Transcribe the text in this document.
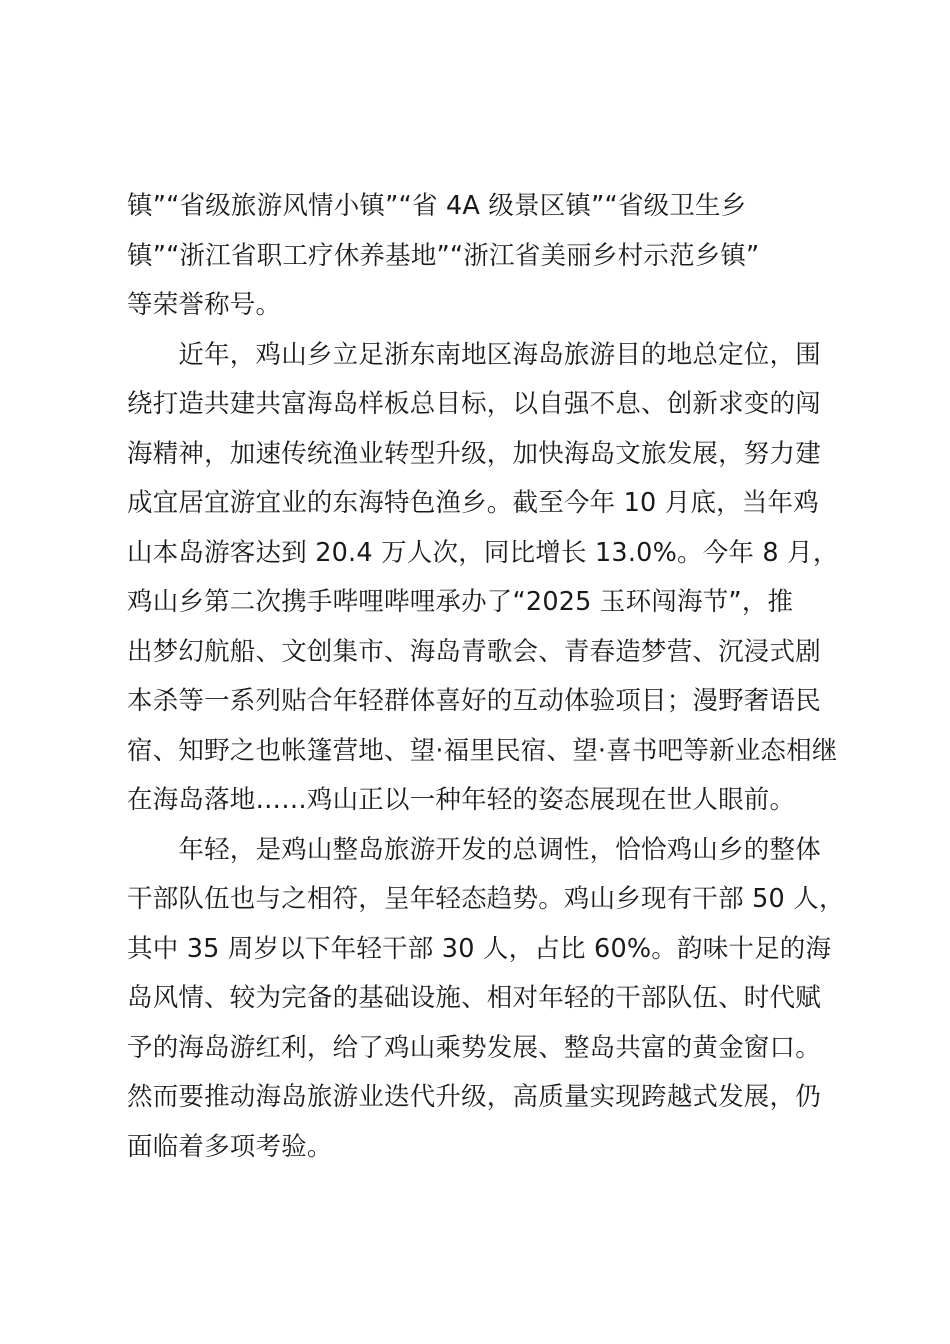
镇”“省级旅游风情小镇”“省 4A 级景区镇”“省级卫生乡
镇”“浙江省职工疗休养基地”“浙江省美丽乡村示范乡镇”
等荣誉称号。
　　近年，鸡山乡立足浙东南地区海岛旅游目的地总定位，围
绕打造共建共富海岛样板总目标，以自强不息、创新求变的闯
海精神，加速传统渔业转型升级，加快海岛文旅发展，努力建
成宜居宜游宜业的东海特色渔乡。截至今年 10 月底，当年鸡
山本岛游客达到 20.4 万人次，同比增长 13.0%。今年 8 月，
鸡山乡第二次携手哔哩哔哩承办了“2025 玉环闯海节”，推
出梦幻航船、文创集市、海岛青歌会、青春造梦营、沉浸式剧
本杀等一系列贴合年轻群体喜好的互动体验项目；漫野奢语民
宿、知野之也帐篷营地、望·福里民宿、望·喜书吧等新业态相继
在海岛落地……鸡山正以一种年轻的姿态展现在世人眼前。
　　年轻，是鸡山整岛旅游开发的总调性，恰恰鸡山乡的整体
干部队伍也与之相符，呈年轻态趋势。鸡山乡现有干部 50 人，
其中 35 周岁以下年轻干部 30 人，占比 60%。韵味十足的海
岛风情、较为完备的基础设施、相对年轻的干部队伍、时代赋
予的海岛游红利，给了鸡山乘势发展、整岛共富的黄金窗口。
然而要推动海岛旅游业迭代升级，高质量实现跨越式发展，仍
面临着多项考验。
